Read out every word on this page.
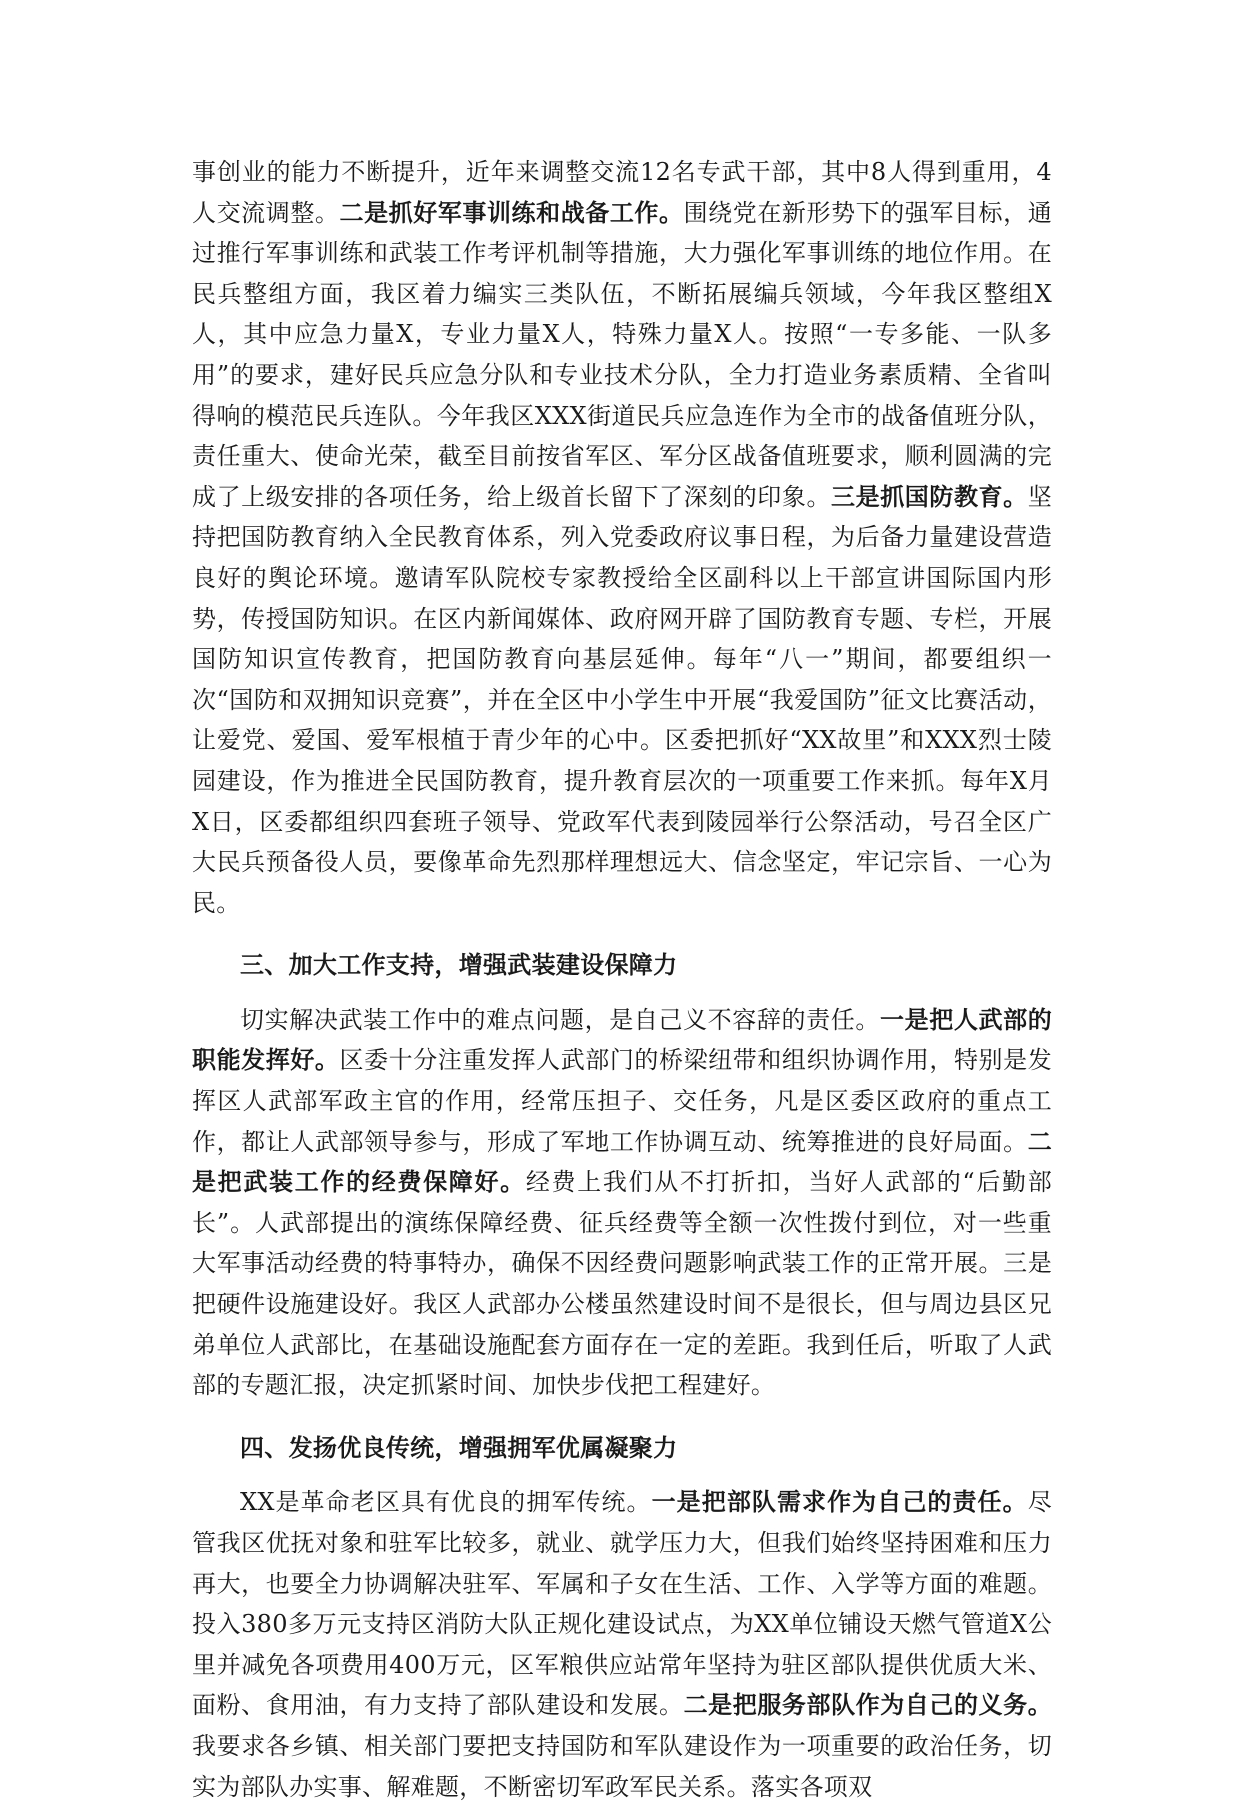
事创业的能力不断提升，近年来调整交流12名专武干部，其中8人得到重用，4人交流调整。二是抓好军事训练和战备工作。围绕党在新形势下的强军目标，通过推行军事训练和武装工作考评机制等措施，大力强化军事训练的地位作用。在民兵整组方面，我区着力编实三类队伍，不断拓展编兵领域，今年我区整组X人，其中应急力量X，专业力量X人，特殊力量X人。按照“一专多能、一队多用”的要求，建好民兵应急分队和专业技术分队，全力打造业务素质精、全省叫得响的模范民兵连队。今年我区XXX街道民兵应急连作为全市的战备值班分队，责任重大、使命光荣，截至目前按省军区、军分区战备值班要求，顺利圆满的完成了上级安排的各项任务，给上级首长留下了深刻的印象。三是抓国防教育。坚持把国防教育纳入全民教育体系，列入党委政府议事日程，为后备力量建设营造良好的舆论环境。邀请军队院校专家教授给全区副科以上干部宣讲国际国内形势，传授国防知识。在区内新闻媒体、政府网开辟了国防教育专题、专栏，开展国防知识宣传教育，把国防教育向基层延伸。每年“八一”期间，都要组织一次“国防和双拥知识竞赛”，并在全区中小学生中开展“我爱国防”征文比赛活动，让爱党、爱国、爱军根植于青少年的心中。区委把抓好“XX故里”和XXX烈士陵园建设，作为推进全民国防教育，提升教育层次的一项重要工作来抓。每年X月X日，区委都组织四套班子领导、党政军代表到陵园举行公祭活动，号召全区广大民兵预备役人员，要像革命先烈那样理想远大、信念坚定，牢记宗旨、一心为民。

三、加大工作支持，增强武装建设保障力

切实解决武装工作中的难点问题，是自己义不容辞的责任。一是把人武部的职能发挥好。区委十分注重发挥人武部门的桥梁纽带和组织协调作用，特别是发挥区人武部军政主官的作用，经常压担子、交任务，凡是区委区政府的重点工作，都让人武部领导参与，形成了军地工作协调互动、统筹推进的良好局面。二是把武装工作的经费保障好。经费上我们从不打折扣，当好人武部的“后勤部长”。人武部提出的演练保障经费、征兵经费等全额一次性拨付到位，对一些重大军事活动经费的特事特办，确保不因经费问题影响武装工作的正常开展。三是把硬件设施建设好。我区人武部办公楼虽然建设时间不是很长，但与周边县区兄弟单位人武部比，在基础设施配套方面存在一定的差距。我到任后，听取了人武部的专题汇报，决定抓紧时间、加快步伐把工程建好。

四、发扬优良传统，增强拥军优属凝聚力

XX是革命老区具有优良的拥军传统。一是把部队需求作为自己的责任。尽管我区优抚对象和驻军比较多，就业、就学压力大，但我们始终坚持困难和压力再大，也要全力协调解决驻军、军属和子女在生活、工作、入学等方面的难题。投入380多万元支持区消防大队正规化建设试点，为XX单位铺设天燃气管道X公里并减免各项费用400万元，区军粮供应站常年坚持为驻区部队提供优质大米、面粉、食用油，有力支持了部队建设和发展。二是把服务部队作为自己的义务。我要求各乡镇、相关部门要把支持国防和军队建设作为一项重要的政治任务，切实为部队办实事、解难题，不断密切军政军民关系。落实各项双
